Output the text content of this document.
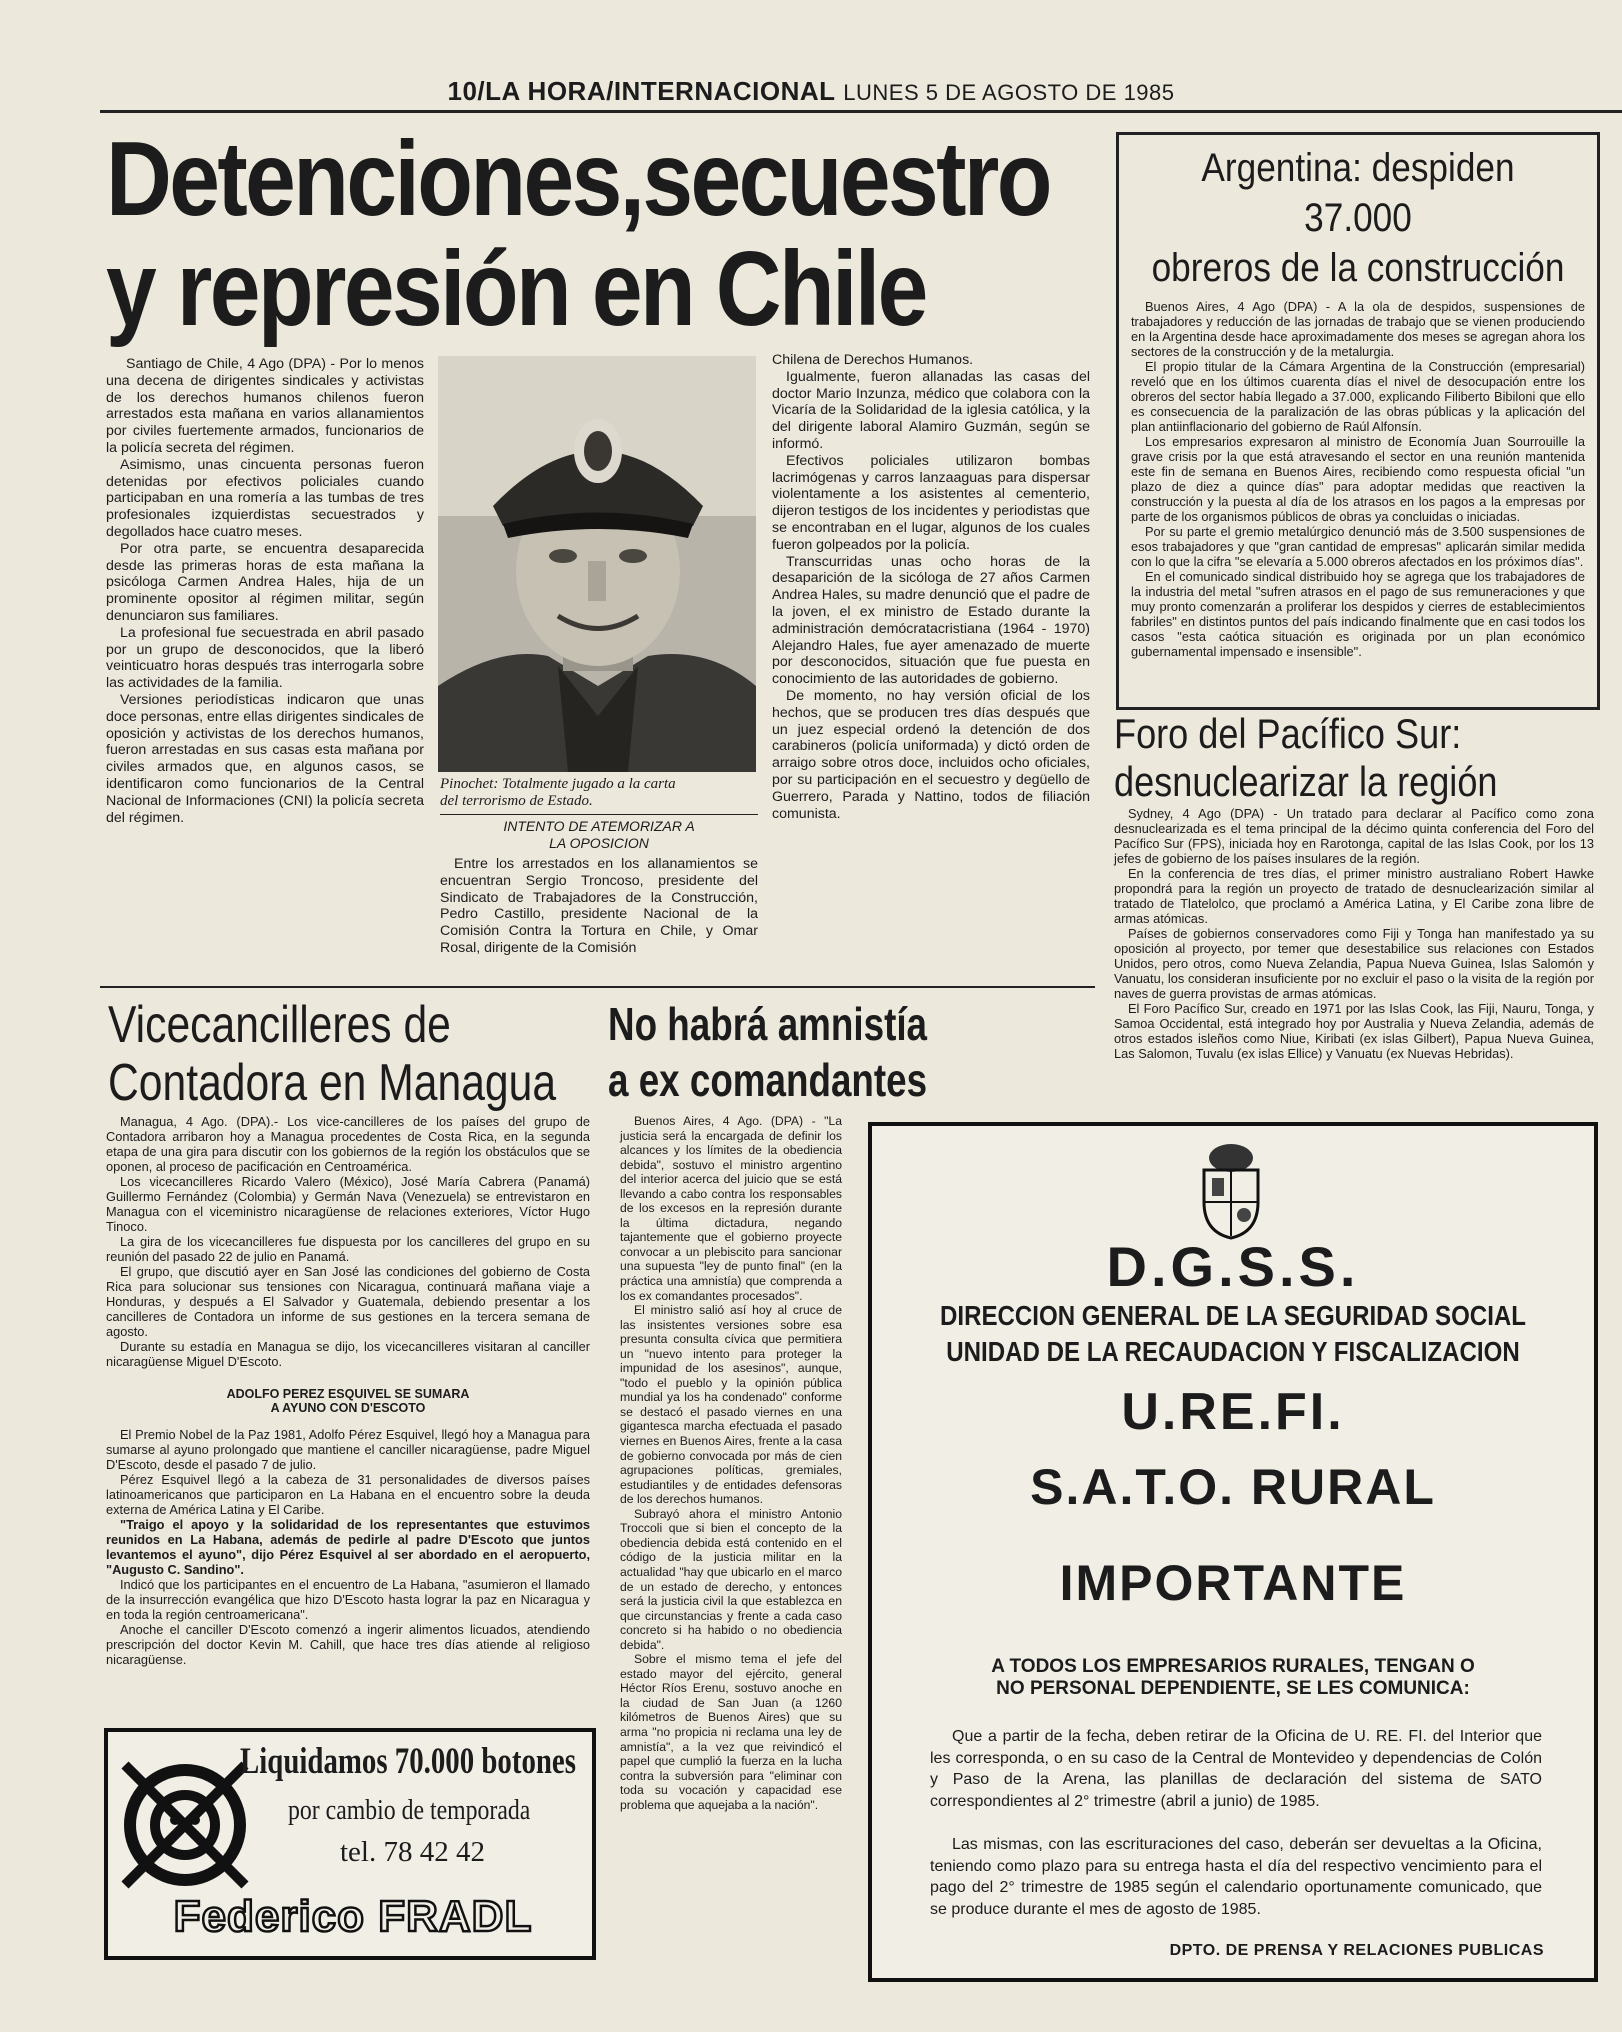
10/LA HORA/INTERNACIONAL LUNES 5 DE AGOSTO DE 1985
Detenciones,secuestro
y represión en Chile

Santiago de Chile, 4 Ago (DPA) - Por lo menos una decena de dirigentes sindicales y activistas de los derechos humanos chilenos fueron arrestados esta mañana en varios allanamientos por civiles fuertemente armados, funcionarios de la policía secreta del régimen.

Asimismo, unas cincuenta personas fueron detenidas por efectivos policiales cuando participaban en una romería a las tumbas de tres profesionales izquierdistas secuestrados y degollados hace cuatro meses.

Por otra parte, se encuentra desaparecida desde las primeras horas de esta mañana la psicóloga Carmen Andrea Hales, hija de un prominente opositor al régimen militar, según denunciaron sus familiares.

La profesional fue secuestrada en abril pasado por un grupo de desconocidos, que la liberó veinticuatro horas después tras interrogarla sobre las actividades de la familia.

Versiones periodísticas indicaron que unas doce personas, entre ellas dirigentes sindicales de oposición y activistas de los derechos humanos, fueron arrestadas en sus casas esta mañana por civiles armados que, en algunos casos, se identificaron como funcionarios de la Central Nacional de Informaciones (CNI) la policía secreta del régimen.

Pinochet: Totalmente jugado a la carta
del terrorismo de Estado.
INTENTO DE ATEMORIZAR A
LA OPOSICION

Entre los arrestados en los allanamientos se encuentran Sergio Troncoso, presidente del Sindicato de Trabajadores de la Construcción, Pedro Castillo, presidente Nacional de la Comisión Contra la Tortura en Chile, y Omar Rosal, dirigente de la Comisión

Chilena de Derechos Humanos.

Igualmente, fueron allanadas las casas del doctor Mario Inzunza, médico que colabora con la Vicaría de la Solidaridad de la iglesia católica, y la del dirigente laboral Alamiro Guzmán, según se informó.

Efectivos policiales utilizaron bombas lacrimógenas y carros lanzaaguas para dispersar violentamente a los asistentes al cementerio, dijeron testigos de los incidentes y periodistas que se encontraban en el lugar, algunos de los cuales fueron golpeados por la policía.

Transcurridas unas ocho horas de la desaparición de la sicóloga de 27 años Carmen Andrea Hales, su madre denunció que el padre de la joven, el ex ministro de Estado durante la administración demócratacristiana (1964 - 1970) Alejandro Hales, fue ayer amenazado de muerte por desconocidos, situación que fue puesta en conocimiento de las autoridades de gobierno.

De momento, no hay versión oficial de los hechos, que se producen tres días después que un juez especial ordenó la detención de dos carabineros (policía uniformada) y dictó orden de arraigo sobre otros doce, incluidos ocho oficiales, por su participación en el secuestro y degüello de Guerrero, Parada y Nattino, todos de filiación comunista.

Argentina: despiden 37.000
obreros de la construcción

Buenos Aires, 4 Ago (DPA) - A la ola de despidos, suspensiones de trabajadores y reducción de las jornadas de trabajo que se vienen produciendo en la Argentina desde hace aproximadamente dos meses se agregan ahora los sectores de la construcción y de la metalurgia.

El propio titular de la Cámara Argentina de la Construcción (empresarial) reveló que en los últimos cuarenta días el nivel de desocupación entre los obreros del sector había llegado a 37.000, explicando Filiberto Bibiloni que ello es consecuencia de la paralización de las obras públicas y la aplicación del plan antiinflacionario del gobierno de Raúl Alfonsín.

Los empresarios expresaron al ministro de Economía Juan Sourrouille la grave crisis por la que está atravesando el sector en una reunión mantenida este fin de semana en Buenos Aires, recibiendo como respuesta oficial "un plazo de diez a quince días" para adoptar medidas que reactiven la construcción y la puesta al día de los atrasos en los pagos a la empresas por parte de los organismos públicos de obras ya concluidas o iniciadas.

Por su parte el gremio metalúrgico denunció más de 3.500 suspensiones de esos trabajadores y que "gran cantidad de empresas" aplicarán similar medida con lo que la cifra "se elevaría a 5.000 obreros afectados en los próximos días".

En el comunicado sindical distribuido hoy se agrega que los trabajadores de la industria del metal "sufren atrasos en el pago de sus remuneraciones y que muy pronto comenzarán a proliferar los despidos y cierres de establecimientos fabriles" en distintos puntos del país indicando finalmente que en casi todos los casos "esta caótica situación es originada por un plan económico gubernamental impensado e insensible".

Foro del Pacífico Sur:
desnuclearizar la región

Sydney, 4 Ago (DPA) - Un tratado para declarar al Pacífico como zona desnuclearizada es el tema principal de la décimo quinta conferencia del Foro del Pacífico Sur (FPS), iniciada hoy en Rarotonga, capital de las Islas Cook, por los 13 jefes de gobierno de los países insulares de la región.

En la conferencia de tres días, el primer ministro australiano Robert Hawke propondrá para la región un proyecto de tratado de desnuclearización similar al tratado de Tlatelolco, que proclamó a América Latina, y El Caribe zona libre de armas atómicas.

Países de gobiernos conservadores como Fiji y Tonga han manifestado ya su oposición al proyecto, por temer que desestabilice sus relaciones con Estados Unidos, pero otros, como Nueva Zelandia, Papua Nueva Guinea, Islas Salomón y Vanuatu, los consideran insuficiente por no excluir el paso o la visita de la región por naves de guerra provistas de armas atómicas.

El Foro Pacífico Sur, creado en 1971 por las Islas Cook, las Fiji, Nauru, Tonga, y Samoa Occidental, está integrado hoy por Australia y Nueva Zelandia, además de otros estados isleños como Niue, Kiribati (ex islas Gilbert), Papua Nueva Guinea, Las Salomon, Tuvalu (ex islas Ellice) y Vanuatu (ex Nuevas Hebridas).

Vicecancilleres de
Contadora en Managua

Managua, 4 Ago. (DPA).- Los vice-cancilleres de los países del grupo de Contadora arribaron hoy a Managua procedentes de Costa Rica, en la segunda etapa de una gira para discutir con los gobiernos de la región los obstáculos que se oponen, al proceso de pacificación en Centroamérica.

Los vicecancilleres Ricardo Valero (México), José María Cabrera (Panamá) Guillermo Fernández (Colombia) y Germán Nava (Venezuela) se entrevistaron en Managua con el viceministro nicaragüense de relaciones exteriores, Víctor Hugo Tinoco.

La gira de los vicecancilleres fue dispuesta por los cancilleres del grupo en su reunión del pasado 22 de julio en Panamá.

El grupo, que discutió ayer en San José las condiciones del gobierno de Costa Rica para solucionar sus tensiones con Nicaragua, continuará mañana viaje a Honduras, y después a El Salvador y Guatemala, debiendo presentar a los cancilleres de Contadora un informe de sus gestiones en la tercera semana de agosto.

Durante su estadía en Managua se dijo, los vicecancilleres visitaran al canciller nicaragüense Miguel D'Escoto.

ADOLFO PEREZ ESQUIVEL SE SUMARA
A AYUNO CON D'ESCOTO

El Premio Nobel de la Paz 1981, Adolfo Pérez Esquivel, llegó hoy a Managua para sumarse al ayuno prolongado que mantiene el canciller nicaragüense, padre Miguel D'Escoto, desde el pasado 7 de julio.

Pérez Esquivel llegó a la cabeza de 31 personalidades de diversos países latinoamericanos que participaron en La Habana en el encuentro sobre la deuda externa de América Latina y El Caribe.

"Traigo el apoyo y la solidaridad de los representantes que estuvimos reunidos en La Habana, además de pedirle al padre D'Escoto que juntos levantemos el ayuno", dijo Pérez Esquivel al ser abordado en el aeropuerto, "Augusto C. Sandino".

Indicó que los participantes en el encuentro de La Habana, "asumieron el llamado de la insurrección evangélica que hizo D'Escoto hasta lograr la paz en Nicaragua y en toda la región centroamericana".

Anoche el canciller D'Escoto comenzó a ingerir alimentos licuados, atendiendo prescripción del doctor Kevin M. Cahill, que hace tres días atiende al religioso nicaragüense.

Liquidamos 70.000 botones
por cambio de temporada
tel. 78 42 42
Federico FRADL
No habrá amnistía
a ex comandantes

Buenos Aires, 4 Ago. (DPA) - "La justicia será la encargada de definir los alcances y los límites de la obediencia debida", sostuvo el ministro argentino del interior acerca del juicio que se está llevando a cabo contra los responsables de los excesos en la represión durante la última dictadura, negando tajantemente que el gobierno proyecte convocar a un plebiscito para sancionar una supuesta "ley de punto final" (en la práctica una amnistía) que comprenda a los ex comandantes procesados".

El ministro salió así hoy al cruce de las insistentes versiones sobre esa presunta consulta cívica que permitiera un "nuevo intento para proteger la impunidad de los asesinos", aunque, "todo el pueblo y la opinión pública mundial ya los ha condenado" conforme se destacó el pasado viernes en una gigantesca marcha efectuada el pasado viernes en Buenos Aires, frente a la casa de gobierno convocada por más de cien agrupaciones políticas, gremiales, estudiantiles y de entidades defensoras de los derechos humanos.

Subrayó ahora el ministro Antonio Troccoli que si bien el concepto de la obediencia debida está contenido en el código de la justicia militar en la actualidad "hay que ubicarlo en el marco de un estado de derecho, y entonces será la justicia civil la que establezca en que circunstancias y frente a cada caso concreto si ha habido o no obediencia debida".

Sobre el mismo tema el jefe del estado mayor del ejército, general Héctor Ríos Erenu, sostuvo anoche en la ciudad de San Juan (a 1260 kilómetros de Buenos Aires) que su arma "no propicia ni reclama una ley de amnistía", a la vez que reivindicó el papel que cumplió la fuerza en la lucha contra la subversión para "eliminar con toda su vocación y capacidad ese problema que aquejaba a la nación".

D.G.S.S.
DIRECCION GENERAL DE LA SEGURIDAD SOCIAL
UNIDAD DE LA RECAUDACION Y FISCALIZACION
U.RE.FI.
S.A.T.O. RURAL
IMPORTANTE
A TODOS LOS EMPRESARIOS RURALES, TENGAN O
NO PERSONAL DEPENDIENTE, SE LES COMUNICA:
Que a partir de la fecha, deben retirar de la Oficina de U. RE. FI. del Interior que les corresponda, o en su caso de la Central de Montevideo y dependencias de Colón y Paso de la Arena, las planillas de declaración del sistema de SATO correspondientes al 2° trimestre (abril a junio) de 1985.
Las mismas, con las escrituraciones del caso, deberán ser devueltas a la Oficina, teniendo como plazo para su entrega hasta el día del respectivo vencimiento para el pago del 2° trimestre de 1985 según el calendario oportunamente comunicado, que se produce durante el mes de agosto de 1985.
DPTO. DE PRENSA Y RELACIONES PUBLICAS
